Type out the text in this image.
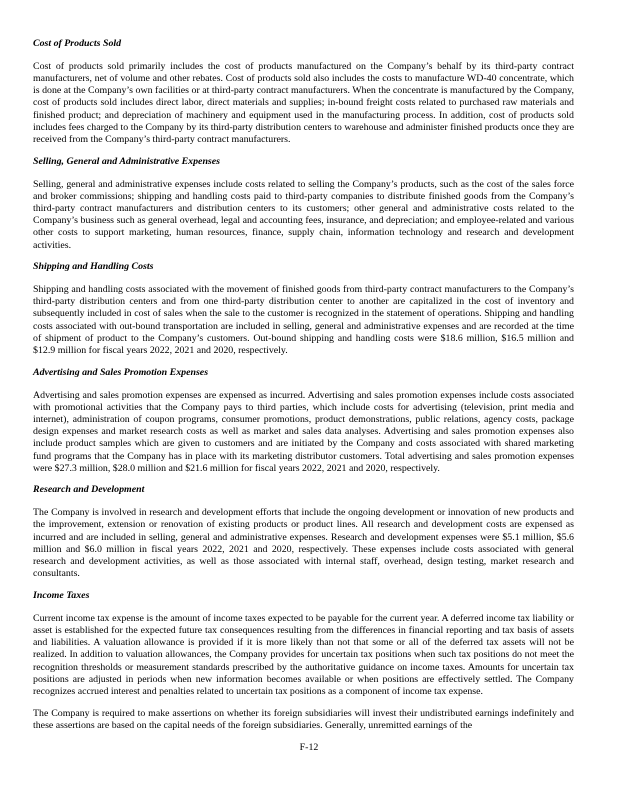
Cost of Products Sold
Cost of products sold primarily includes the cost of products manufactured on the Company’s behalf by its third-party contract manufacturers, net of volume and other rebates. Cost of products sold also includes the costs to manufacture WD-40 concentrate, which is done at the Company’s own facilities or at third-party contract manufacturers. When the concentrate is manufactured by the Company, cost of products sold includes direct labor, direct materials and supplies; in-bound freight costs related to purchased raw materials and finished product; and depreciation of machinery and equipment used in the manufacturing process. In addition, cost of products sold includes fees charged to the Company by its third-party distribution centers to warehouse and administer finished products once they are received from the Company’s third-party contract manufacturers.
Selling, General and Administrative Expenses
Selling, general and administrative expenses include costs related to selling the Company’s products, such as the cost of the sales force and broker commissions; shipping and handling costs paid to third-party companies to distribute finished goods from the Company’s third-party contract manufacturers and distribution centers to its customers; other general and administrative costs related to the Company’s business such as general overhead, legal and accounting fees, insurance, and depreciation; and employee-related and various other costs to support marketing, human resources, finance, supply chain, information technology and research and development activities.
Shipping and Handling Costs
Shipping and handling costs associated with the movement of finished goods from third-party contract manufacturers to the Company’s third-party distribution centers and from one third-party distribution center to another are capitalized in the cost of inventory and subsequently included in cost of sales when the sale to the customer is recognized in the statement of operations. Shipping and handling costs associated with out-bound transportation are included in selling, general and administrative expenses and are recorded at the time of shipment of product to the Company’s customers. Out-bound shipping and handling costs were $18.6 million, $16.5 million and $12.9 million for fiscal years 2022, 2021 and 2020, respectively.
Advertising and Sales Promotion Expenses
Advertising and sales promotion expenses are expensed as incurred. Advertising and sales promotion expenses include costs associated with promotional activities that the Company pays to third parties, which include costs for advertising (television, print media and internet), administration of coupon programs, consumer promotions, product demonstrations, public relations, agency costs, package design expenses and market research costs as well as market and sales data analyses. Advertising and sales promotion expenses also include product samples which are given to customers and are initiated by the Company and costs associated with shared marketing fund programs that the Company has in place with its marketing distributor customers. Total advertising and sales promotion expenses were $27.3 million, $28.0 million and $21.6 million for fiscal years 2022, 2021 and 2020, respectively.
Research and Development
The Company is involved in research and development efforts that include the ongoing development or innovation of new products and the improvement, extension or renovation of existing products or product lines. All research and development costs are expensed as incurred and are included in selling, general and administrative expenses. Research and development expenses were $5.1 million, $5.6 million and $6.0 million in fiscal years 2022, 2021 and 2020, respectively. These expenses include costs associated with general research and development activities, as well as those associated with internal staff, overhead, design testing, market research and consultants.
Income Taxes
Current income tax expense is the amount of income taxes expected to be payable for the current year. A deferred income tax liability or asset is established for the expected future tax consequences resulting from the differences in financial reporting and tax basis of assets and liabilities. A valuation allowance is provided if it is more likely than not that some or all of the deferred tax assets will not be realized. In addition to valuation allowances, the Company provides for uncertain tax positions when such tax positions do not meet the recognition thresholds or measurement standards prescribed by the authoritative guidance on income taxes. Amounts for uncertain tax positions are adjusted in periods when new information becomes available or when positions are effectively settled. The Company recognizes accrued interest and penalties related to uncertain tax positions as a component of income tax expense.
The Company is required to make assertions on whether its foreign subsidiaries will invest their undistributed earnings indefinitely and these assertions are based on the capital needs of the foreign subsidiaries. Generally, unremitted earnings of the
F-12
